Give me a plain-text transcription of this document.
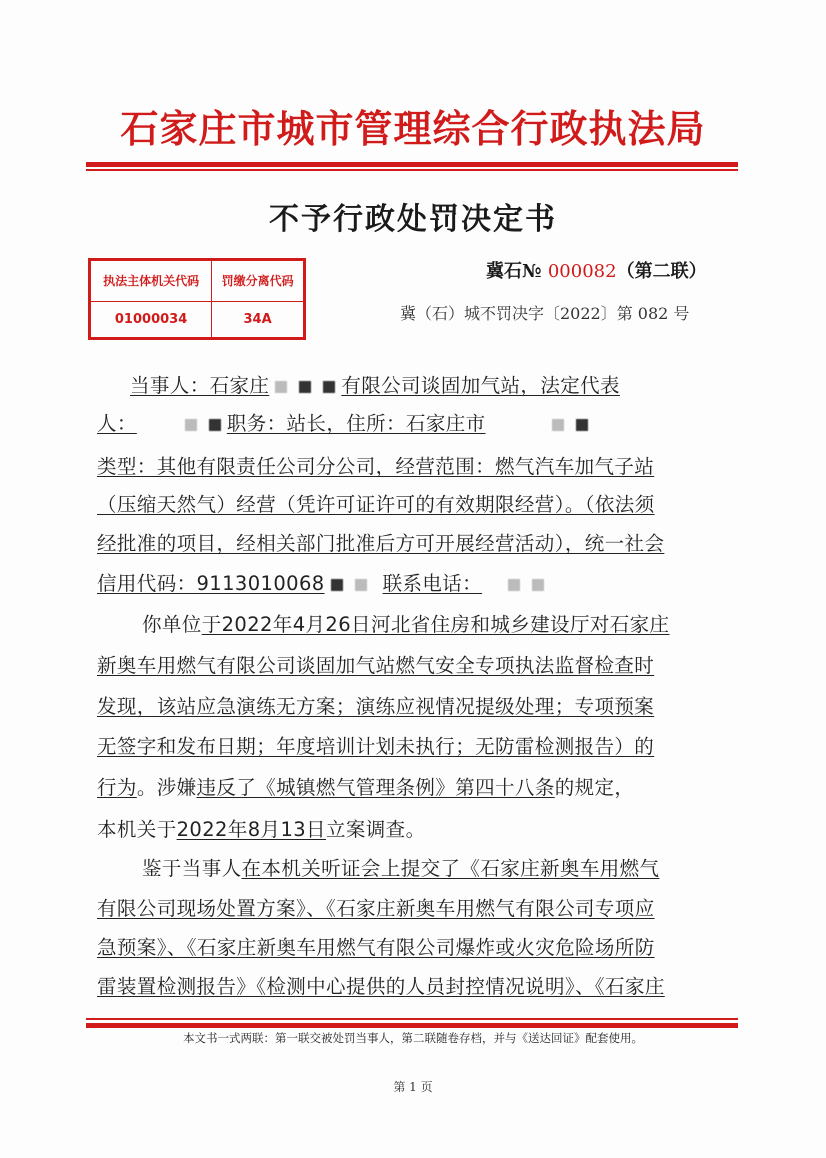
石家庄市城市管理综合行政执法局
不予行政处罚决定书
执法主体机关代码	罚缴分离代码
01000034	34A
冀石№ 000082（第二联）
冀（石）城不罚决字〔2022〕第 082 号
当事人：石家庄	有限公司谈固加气站，法定代表
人：	职务：站长，住所：石家庄市
类型：其他有限责任公司分公司，经营范围：燃气汽车加气子站
（压缩天然气）经营（凭许可证许可的有效期限经营）。（依法须
经批准的项目，经相关部门批准后方可开展经营活动），统一社会
信用代码：9113010068	联系电话：
你单位于2022年4月26日河北省住房和城乡建设厅对石家庄
新奥车用燃气有限公司谈固加气站燃气安全专项执法监督检查时
发现，该站应急演练无方案；演练应视情况提级处理；专项预案
无签字和发布日期；年度培训计划未执行；无防雷检测报告）的
行为。涉嫌违反了《城镇燃气管理条例》第四十八条的规定，
本机关于2022年8月13日立案调查。
鉴于当事人在本机关听证会上提交了《石家庄新奥车用燃气
有限公司现场处置方案》、《石家庄新奥车用燃气有限公司专项应
急预案》、《石家庄新奥车用燃气有限公司爆炸或火灾危险场所防
雷装置检测报告》《检测中心提供的人员封控情况说明》、《石家庄
本文书一式两联：第一联交被处罚当事人，第二联随卷存档，并与《送达回证》配套使用。
第 1 页
